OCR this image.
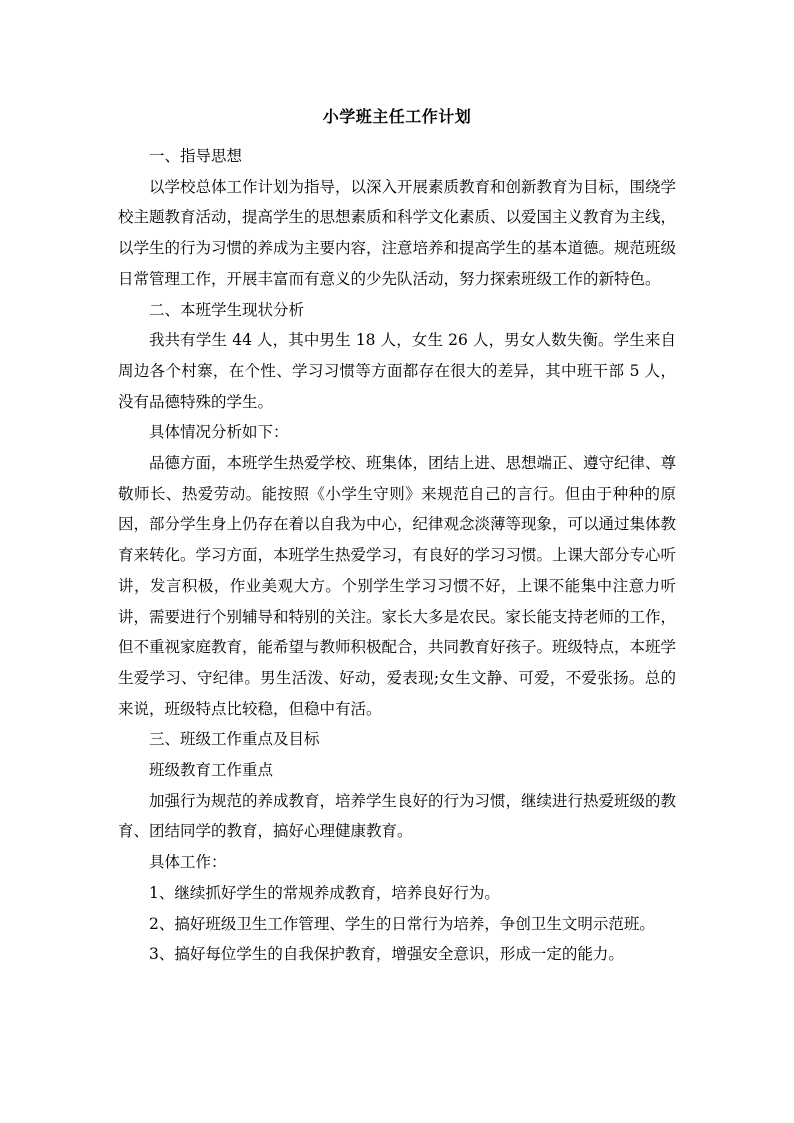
小学班主任工作计划

一、指导思想

以学校总体工作计划为指导，以深入开展素质教育和创新教育为目标，围绕学校主题教育活动，提高学生的思想素质和科学文化素质、以爱国主义教育为主线，以学生的行为习惯的养成为主要内容，注意培养和提高学生的基本道德。规范班级日常管理工作，开展丰富而有意义的少先队活动，努力探索班级工作的新特色。

二、本班学生现状分析

我共有学生 44 人，其中男生 18 人，女生 26 人，男女人数失衡。学生来自周边各个村寨，在个性、学习习惯等方面都存在很大的差异，其中班干部 5 人，没有品德特殊的学生。

具体情况分析如下：

品德方面，本班学生热爱学校、班集体，团结上进、思想端正、遵守纪律、尊敬师长、热爱劳动。能按照《小学生守则》来规范自己的言行。但由于种种的原因，部分学生身上仍存在着以自我为中心，纪律观念淡薄等现象，可以通过集体教育来转化。学习方面，本班学生热爱学习，有良好的学习习惯。上课大部分专心听讲，发言积极，作业美观大方。个别学生学习习惯不好，上课不能集中注意力听讲，需要进行个别辅导和特别的关注。家长大多是农民。家长能支持老师的工作，但不重视家庭教育，能希望与教师积极配合，共同教育好孩子。班级特点，本班学生爱学习、守纪律。男生活泼、好动，爱表现;女生文静、可爱，不爱张扬。总的来说，班级特点比较稳，但稳中有活。

三、班级工作重点及目标

班级教育工作重点

加强行为规范的养成教育，培养学生良好的行为习惯，继续进行热爱班级的教育、团结同学的教育，搞好心理健康教育。

具体工作：

1、继续抓好学生的常规养成教育，培养良好行为。

2、搞好班级卫生工作管理、学生的日常行为培养，争创卫生文明示范班。

3、搞好每位学生的自我保护教育，增强安全意识，形成一定的能力。
